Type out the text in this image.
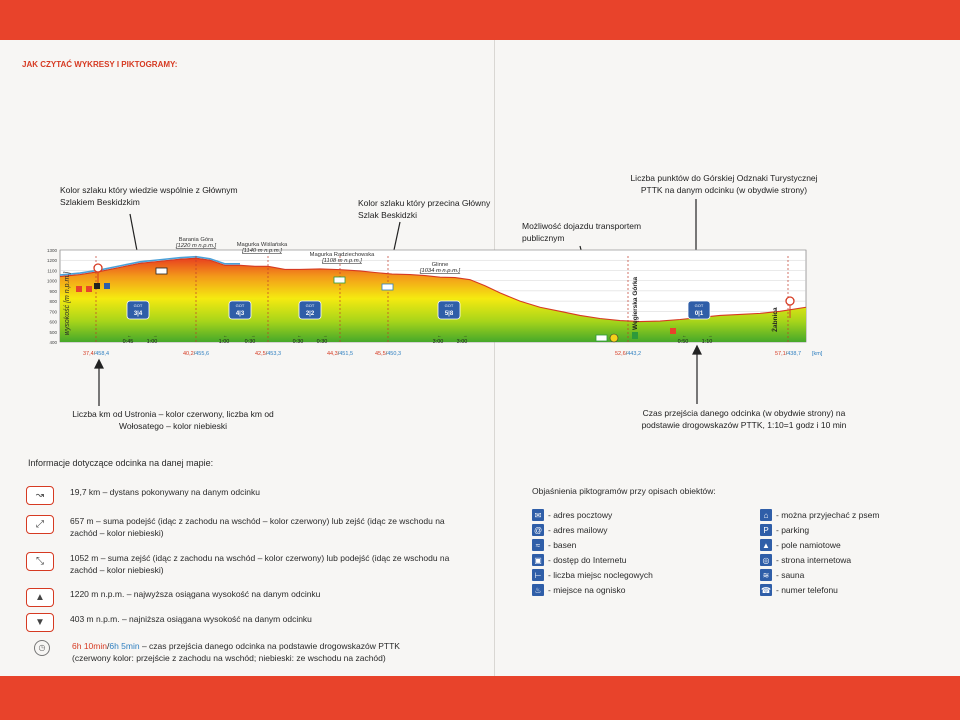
JAK CZYTAĆ WYKRESY I PIKTOGRAMY:
Kolor szlaku który wiedzie wspólnie z Głównym Szlakiem Beskidzkim	Kolor szlaku który przecina Główny Szlak Beskidzki
Możliwość dojazdu transportem publicznym
Liczba punktów do Górskiej Odznaki Turystycznej PTTK na danym odcinku (w obydwie strony)
Liczba km od Ustronia – kolor czerwony, liczba km od Wołosatego – kolor niebieski
Czas przejścia danego odcinka (w obydwie strony) na podstawie drogowskazów PTTK, 1:10=1 godz i 10 min
1300
1200
1100
1000
900
800
700
600
500
400
37,4/458,4	40,2/455,6	42,5/453,3	44,3/451,5	45,5/450,3	52,6/443,2	57,1/438,7 [km]
Barania Góra
[1220 m n.p.m.]	Magurka Wiślańska
[1140 m n.p.m.]
Magurka Radziechowska
[1108 m n.p.m.]
Glinne
[1034 m n.p.m.]
Węgierska Górka	Żabnica
GOT
3|4
GOT
4|3
GOT
2|2
GOT
5|8
GOT
0|1
←	→
0:45 1:00
←	→
1:00	0:30
←	→
0:30 0:30
←	→
3:00 3:00
←	→
0:50 1:10
wysokość [m n.p.m.]
Informacje dotyczące odcinka na danej mapie:
↝	19,7 km – dystans pokonywany na danym odcinku
⤢	657 m – suma podejść (idąc z zachodu na wschód – kolor czerwony) lub zejść (idąc ze wschodu na zachód – kolor niebieski)
⤡	1052 m – suma zejść (idąc z zachodu na wschód – kolor czerwony) lub podejść (idąc ze wschodu na zachód – kolor niebieski)
▲	1220 m n.p.m. – najwyższa osiągana wysokość na danym odcinku
▼	403 m n.p.m. – najniższa osiągana wysokość na danym odcinku
◷	6h 10min/6h 5min – czas przejścia danego odcinka na podstawie drogowskazów PTTK
(czerwony kolor: przejście z zachodu na wschód; niebieski: ze wschodu na zachód)
Objaśnienia piktogramów przy opisach obiektów:
✉ - adres pocztowy
@ - adres mailowy
≈ - basen
▣ - dostęp do Internetu
⊢ - liczba miejsc noclegowych
♨ - miejsce na ognisko
⌂ - można przyjechać z psem
P - parking
▲ - pole namiotowe
◎ - strona internetowa
≋ - sauna
☎ - numer telefonu
